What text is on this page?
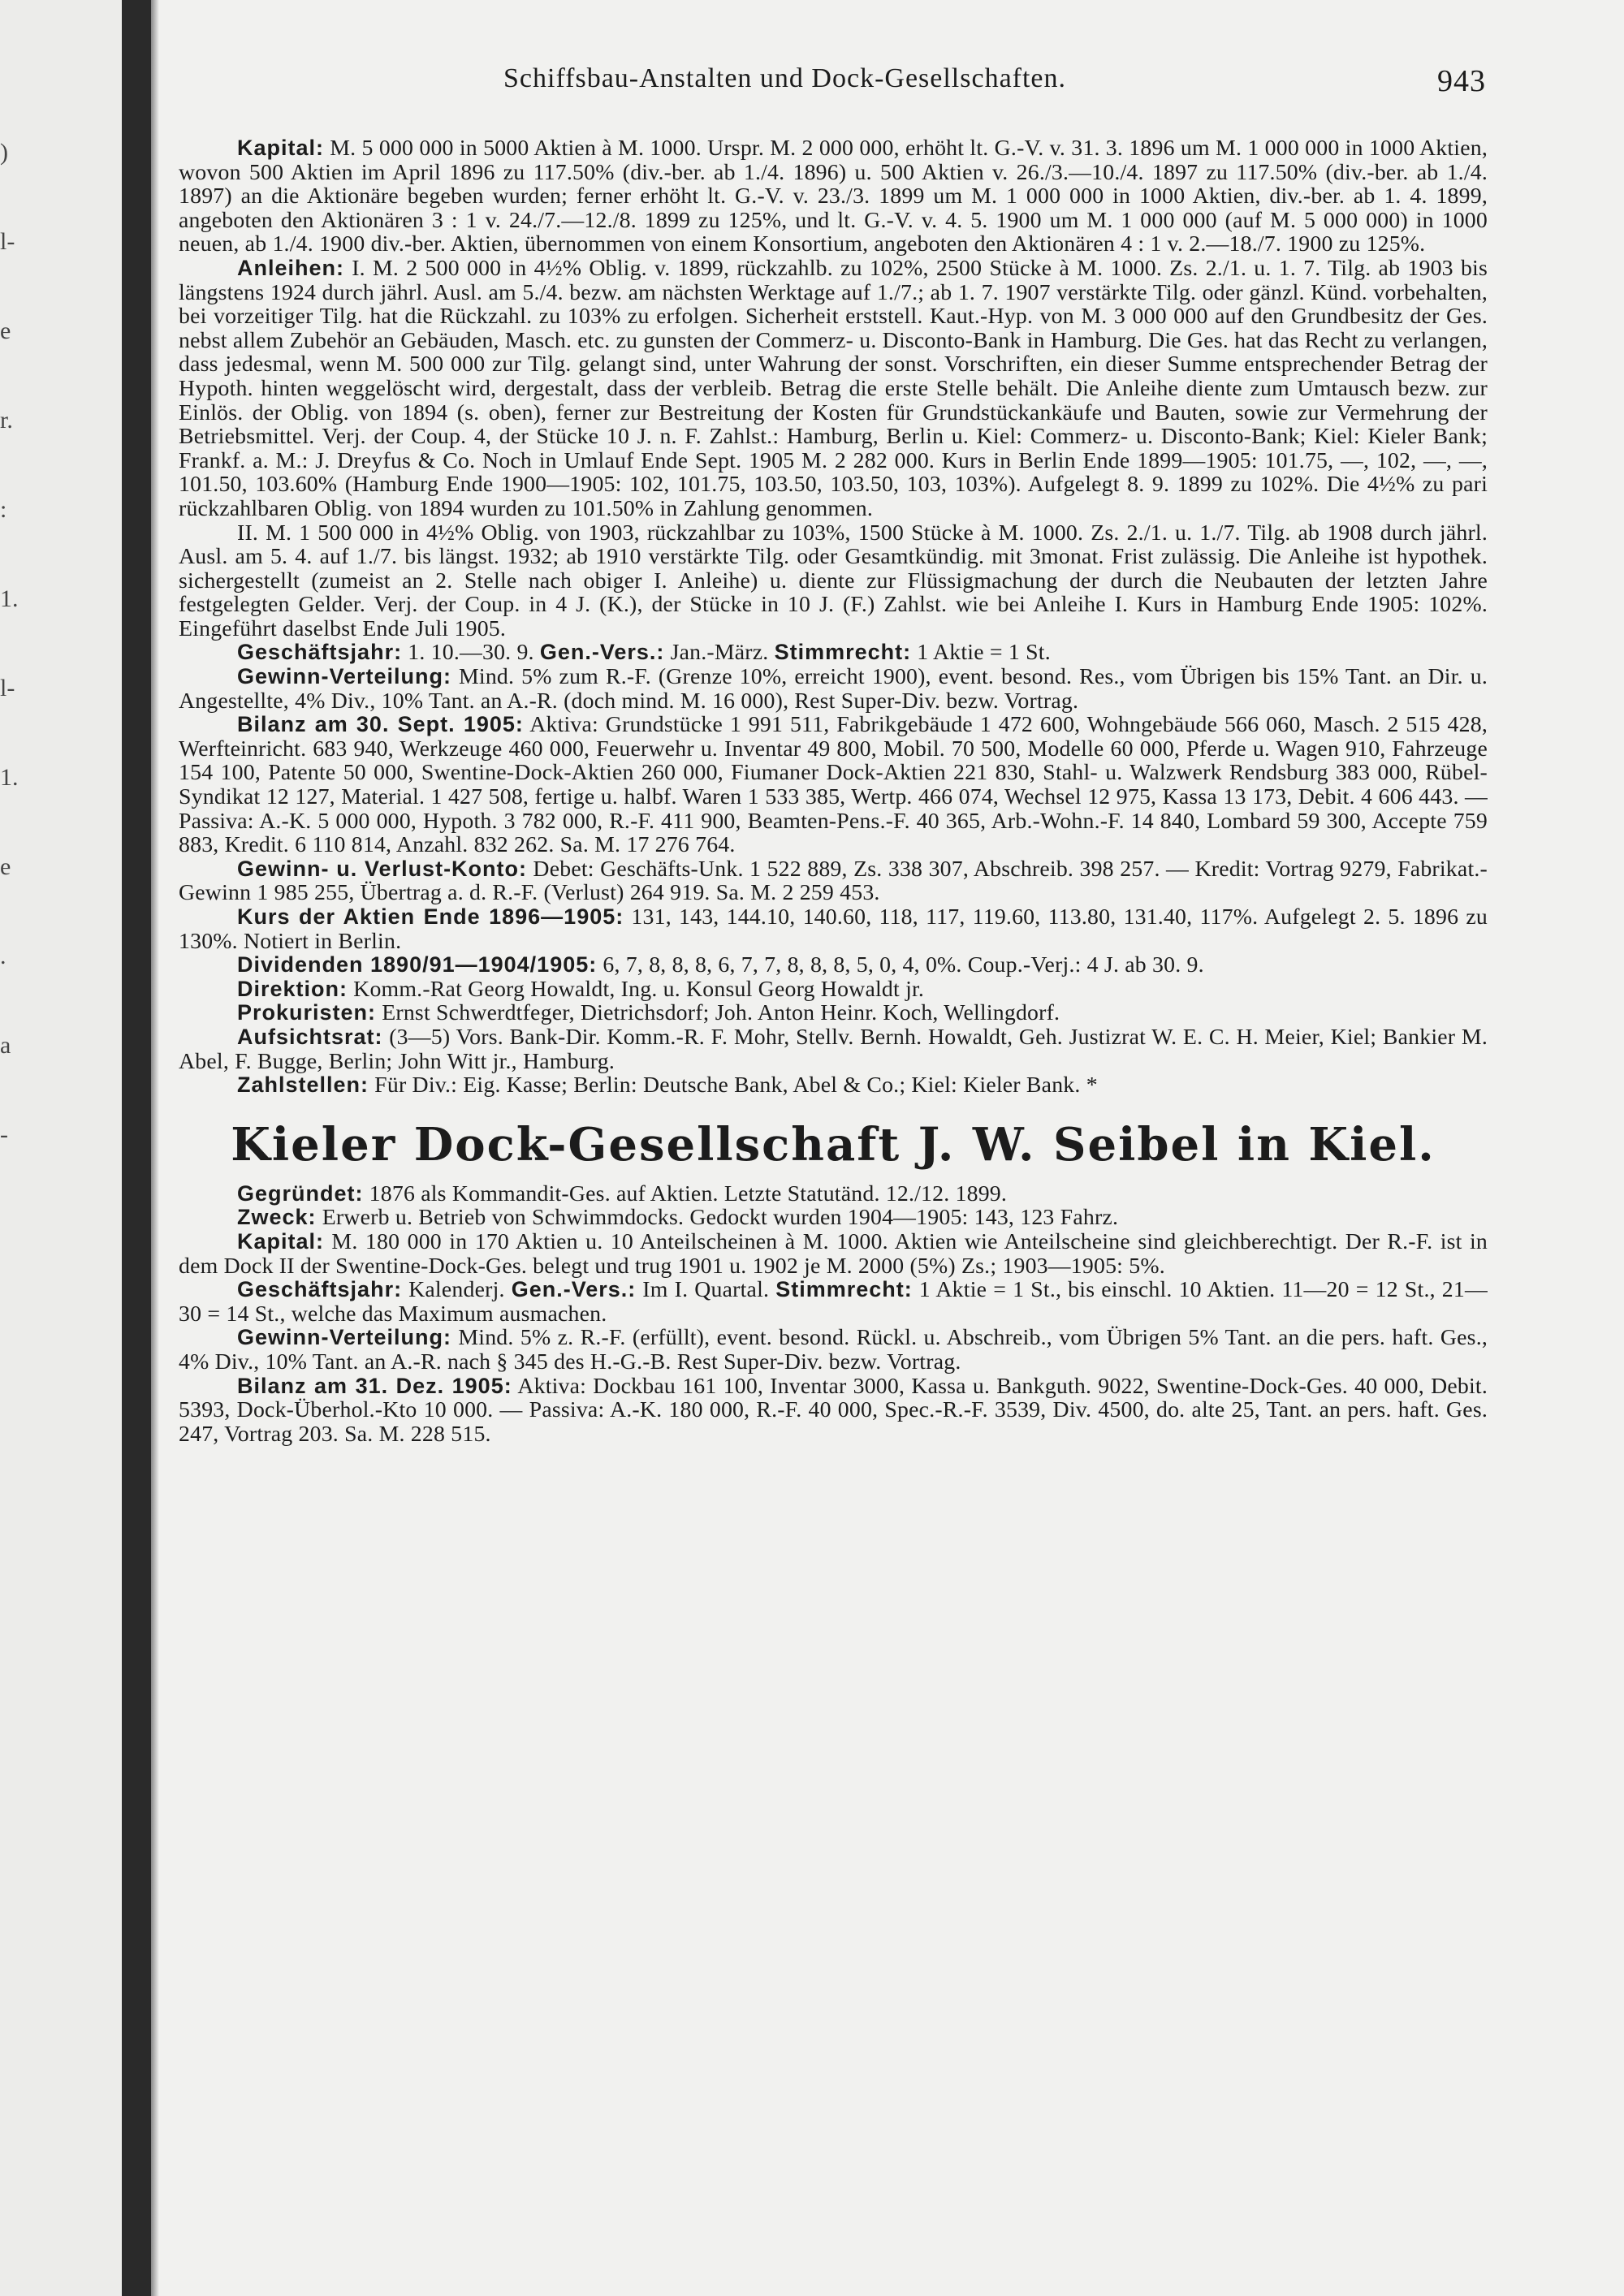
)
l-
e
r.
:
1.
l-
1.
e
.
a
-
Schiffsbau-Anstalten und Dock-Gesellschaften.	943

Kapital: M. 5 000 000 in 5000 Aktien à M. 1000. Urspr. M. 2 000 000, erhöht lt. G.-V. v. 31. 3. 1896 um M. 1 000 000 in 1000 Aktien, wovon 500 Aktien im April 1896 zu 117.50% (div.-ber. ab 1./4. 1896) u. 500 Aktien v. 26./3.—10./4. 1897 zu 117.50% (div.-ber. ab 1./4. 1897) an die Aktionäre begeben wurden; ferner erhöht lt. G.-V. v. 23./3. 1899 um M. 1 000 000 in 1000 Aktien, div.-ber. ab 1. 4. 1899, angeboten den Aktionären 3 : 1 v. 24./7.—12./8. 1899 zu 125%, und lt. G.-V. v. 4. 5. 1900 um M. 1 000 000 (auf M. 5 000 000) in 1000 neuen, ab 1./4. 1900 div.-ber. Aktien, übernommen von einem Konsortium, angeboten den Aktionären 4 : 1 v. 2.—18./7. 1900 zu 125%.

Anleihen: I. M. 2 500 000 in 4½% Oblig. v. 1899, rückzahlb. zu 102%, 2500 Stücke à M. 1000. Zs. 2./1. u. 1. 7. Tilg. ab 1903 bis längstens 1924 durch jährl. Ausl. am 5./4. bezw. am nächsten Werktage auf 1./7.; ab 1. 7. 1907 verstärkte Tilg. oder gänzl. Künd. vorbehalten, bei vorzeitiger Tilg. hat die Rückzahl. zu 103% zu erfolgen. Sicherheit erststell. Kaut.-Hyp. von M. 3 000 000 auf den Grundbesitz der Ges. nebst allem Zubehör an Gebäuden, Masch. etc. zu gunsten der Commerz- u. Disconto-Bank in Hamburg. Die Ges. hat das Recht zu verlangen, dass jedesmal, wenn M. 500 000 zur Tilg. gelangt sind, unter Wahrung der sonst. Vorschriften, ein dieser Summe entsprechender Betrag der Hypoth. hinten weggelöscht wird, dergestalt, dass der verbleib. Betrag die erste Stelle behält. Die Anleihe diente zum Umtausch bezw. zur Einlös. der Oblig. von 1894 (s. oben), ferner zur Bestreitung der Kosten für Grundstückankäufe und Bauten, sowie zur Vermehrung der Betriebsmittel. Verj. der Coup. 4, der Stücke 10 J. n. F. Zahlst.: Hamburg, Berlin u. Kiel: Commerz- u. Disconto-Bank; Kiel: Kieler Bank; Frankf. a. M.: J. Dreyfus & Co. Noch in Umlauf Ende Sept. 1905 M. 2 282 000. Kurs in Berlin Ende 1899—1905: 101.75, —, 102, —, —, 101.50, 103.60% (Hamburg Ende 1900—1905: 102, 101.75, 103.50, 103.50, 103, 103%). Aufgelegt 8. 9. 1899 zu 102%. Die 4½% zu pari rückzahlbaren Oblig. von 1894 wurden zu 101.50% in Zahlung genommen.

II. M. 1 500 000 in 4½% Oblig. von 1903, rückzahlbar zu 103%, 1500 Stücke à M. 1000. Zs. 2./1. u. 1./7. Tilg. ab 1908 durch jährl. Ausl. am 5. 4. auf 1./7. bis längst. 1932; ab 1910 verstärkte Tilg. oder Gesamtkündig. mit 3monat. Frist zulässig. Die Anleihe ist hypothek. sichergestellt (zumeist an 2. Stelle nach obiger I. Anleihe) u. diente zur Flüssigmachung der durch die Neubauten der letzten Jahre festgelegten Gelder. Verj. der Coup. in 4 J. (K.), der Stücke in 10 J. (F.) Zahlst. wie bei Anleihe I. Kurs in Hamburg Ende 1905: 102%. Eingeführt daselbst Ende Juli 1905.

Geschäftsjahr: 1. 10.—30. 9. Gen.-Vers.: Jan.-März. Stimmrecht: 1 Aktie = 1 St.

Gewinn-Verteilung: Mind. 5% zum R.-F. (Grenze 10%, erreicht 1900), event. besond. Res., vom Übrigen bis 15% Tant. an Dir. u. Angestellte, 4% Div., 10% Tant. an A.-R. (doch mind. M. 16 000), Rest Super-Div. bezw. Vortrag.

Bilanz am 30. Sept. 1905: Aktiva: Grundstücke 1 991 511, Fabrikgebäude 1 472 600, Wohngebäude 566 060, Masch. 2 515 428, Werfteinricht. 683 940, Werkzeuge 460 000, Feuerwehr u. Inventar 49 800, Mobil. 70 500, Modelle 60 000, Pferde u. Wagen 910, Fahrzeuge 154 100, Patente 50 000, Swentine-Dock-Aktien 260 000, Fiumaner Dock-Aktien 221 830, Stahl- u. Walzwerk Rendsburg 383 000, Rübel-Syndikat 12 127, Material. 1 427 508, fertige u. halbf. Waren 1 533 385, Wertp. 466 074, Wechsel 12 975, Kassa 13 173, Debit. 4 606 443. — Passiva: A.-K. 5 000 000, Hypoth. 3 782 000, R.-F. 411 900, Beamten-Pens.-F. 40 365, Arb.-Wohn.-F. 14 840, Lombard 59 300, Accepte 759 883, Kredit. 6 110 814, Anzahl. 832 262. Sa. M. 17 276 764.

Gewinn- u. Verlust-Konto: Debet: Geschäfts-Unk. 1 522 889, Zs. 338 307, Abschreib. 398 257. — Kredit: Vortrag 9279, Fabrikat.-Gewinn 1 985 255, Übertrag a. d. R.-F. (Verlust) 264 919. Sa. M. 2 259 453.

Kurs der Aktien Ende 1896—1905: 131, 143, 144.10, 140.60, 118, 117, 119.60, 113.80, 131.40, 117%. Aufgelegt 2. 5. 1896 zu 130%. Notiert in Berlin.

Dividenden 1890/91—1904/1905: 6, 7, 8, 8, 8, 6, 7, 7, 8, 8, 8, 5, 0, 4, 0%. Coup.-Verj.: 4 J. ab 30. 9.

Direktion: Komm.-Rat Georg Howaldt, Ing. u. Konsul Georg Howaldt jr.

Prokuristen: Ernst Schwerdtfeger, Dietrichsdorf; Joh. Anton Heinr. Koch, Wellingdorf.

Aufsichtsrat: (3—5) Vors. Bank-Dir. Komm.-R. F. Mohr, Stellv. Bernh. Howaldt, Geh. Justizrat W. E. C. H. Meier, Kiel; Bankier M. Abel, F. Bugge, Berlin; John Witt jr., Hamburg.

Zahlstellen: Für Div.: Eig. Kasse; Berlin: Deutsche Bank, Abel & Co.; Kiel: Kieler Bank. *

Kieler Dock-Gesellschaft J. W. Seibel in Kiel.

Gegründet: 1876 als Kommandit-Ges. auf Aktien. Letzte Statutänd. 12./12. 1899.

Zweck: Erwerb u. Betrieb von Schwimmdocks. Gedockt wurden 1904—1905: 143, 123 Fahrz.

Kapital: M. 180 000 in 170 Aktien u. 10 Anteilscheinen à M. 1000. Aktien wie Anteilscheine sind gleichberechtigt. Der R.-F. ist in dem Dock II der Swentine-Dock-Ges. belegt und trug 1901 u. 1902 je M. 2000 (5%) Zs.; 1903—1905: 5%.

Geschäftsjahr: Kalenderj. Gen.-Vers.: Im I. Quartal. Stimmrecht: 1 Aktie = 1 St., bis einschl. 10 Aktien. 11—20 = 12 St., 21—30 = 14 St., welche das Maximum ausmachen.

Gewinn-Verteilung: Mind. 5% z. R.-F. (erfüllt), event. besond. Rückl. u. Abschreib., vom Übrigen 5% Tant. an die pers. haft. Ges., 4% Div., 10% Tant. an A.-R. nach § 345 des H.-G.-B. Rest Super-Div. bezw. Vortrag.

Bilanz am 31. Dez. 1905: Aktiva: Dockbau 161 100, Inventar 3000, Kassa u. Bankguth. 9022, Swentine-Dock-Ges. 40 000, Debit. 5393, Dock-Überhol.-Kto 10 000. — Passiva: A.-K. 180 000, R.-F. 40 000, Spec.-R.-F. 3539, Div. 4500, do. alte 25, Tant. an pers. haft. Ges. 247, Vortrag 203. Sa. M. 228 515.
